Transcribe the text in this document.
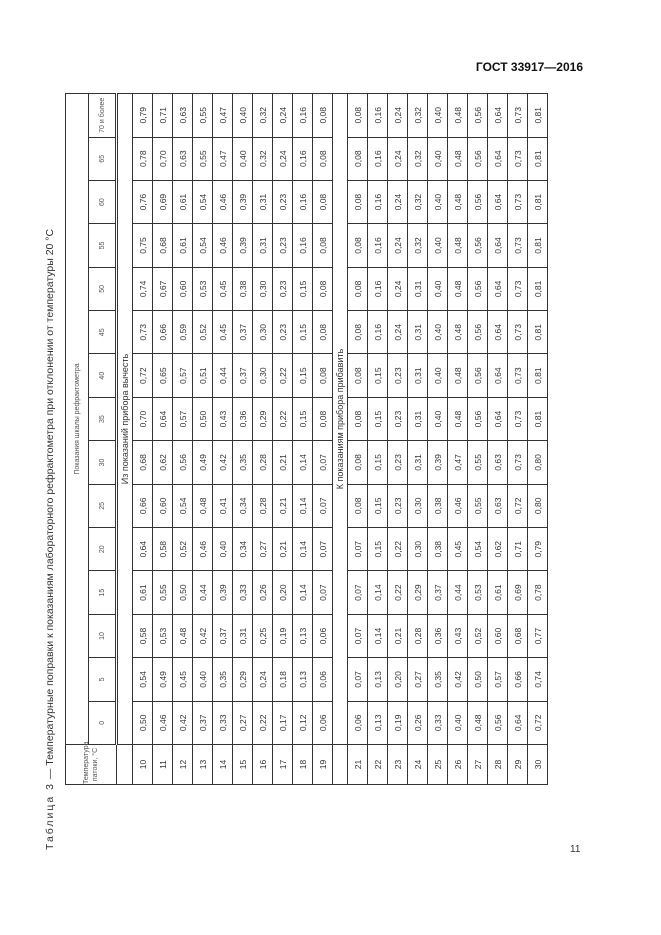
ГОСТ 33917—2016
Таблица 3 — Температурные поправки к показаниям лабораторного рефрактометра при отклонении от температуры 20 °С	Температура патоки, °С	Показания шкалы рефрактометра														
	0	5	10	15	20	25	30	35	40	45	50	55	60	65	70 и более
	Из показаний прибора вычесть														
10	0,50	0,54	0,58	0,61	0,64	0,66	0,68	0,70	0,72	0,73	0,74	0,75	0,76	0,78	0,79
11	0,46	0,49	0,53	0,55	0,58	0,60	0,62	0,64	0,65	0,66	0,67	0,68	0,69	0,70	0,71
12	0,42	0,45	0,48	0,50	0,52	0,54	0,56	0,57	0,57	0,59	0,60	0,61	0,61	0,63	0,63
13	0,37	0,40	0,42	0,44	0,46	0,48	0,49	0,50	0,51	0,52	0,53	0,54	0,54	0,55	0,55
14	0,33	0,35	0,37	0,39	0,40	0,41	0,42	0,43	0,44	0,45	0,45	0,46	0,46	0,47	0,47
15	0,27	0,29	0,31	0,33	0,34	0,34	0,35	0,36	0,37	0,37	0,38	0,39	0,39	0,40	0,40
16	0,22	0,24	0,25	0,26	0,27	0,28	0,28	0,29	0,30	0,30	0,30	0,31	0,31	0,32	0,32
17	0,17	0,18	0,19	0,20	0,21	0,21	0,21	0,22	0,22	0,23	0,23	0,23	0,23	0,24	0,24
18	0,12	0,13	0,13	0,14	0,14	0,14	0,14	0,15	0,15	0,15	0,15	0,16	0,16	0,16	0,16
19	0,06	0,06	0,06	0,07	0,07	0,07	0,07	0,08	0,08	0,08	0,08	0,08	0,08	0,08	0,08
	К показаниям прибора прибавить														
21	0,06	0,07	0,07	0,07	0,07	0,08	0,08	0,08	0,08	0,08	0,08	0,08	0,08	0,08	0,08
22	0,13	0,13	0,14	0,14	0,15	0,15	0,15	0,15	0,15	0,16	0,16	0,16	0,16	0,16	0,16
23	0,19	0,20	0,21	0,22	0,22	0,23	0,23	0,23	0,23	0,24	0,24	0,24	0,24	0,24	0,24
24	0,26	0,27	0,28	0,29	0,30	0,30	0,31	0,31	0,31	0,31	0,31	0,32	0,32	0,32	0,32
25	0,33	0,35	0,36	0,37	0,38	0,38	0,39	0,40	0,40	0,40	0,40	0,40	0,40	0,40	0,40
26	0,40	0,42	0,43	0,44	0,45	0,46	0,47	0,48	0,48	0,48	0,48	0,48	0,48	0,48	0,48
27	0,48	0,50	0,52	0,53	0,54	0,55	0,55	0,56	0,56	0,56	0,56	0,56	0,56	0,56	0,56
28	0,56	0,57	0,60	0,61	0,62	0,63	0,63	0,64	0,64	0,64	0,64	0,64	0,64	0,64	0,64
29	0,64	0,66	0,68	0,69	0,71	0,72	0,73	0,73	0,73	0,73	0,73	0,73	0,73	0,73	0,73
30	0,72	0,74	0,77	0,78	0,79	0,80	0,80	0,81	0,81	0,81	0,81	0,81	0,81	0,81	0,81
11
